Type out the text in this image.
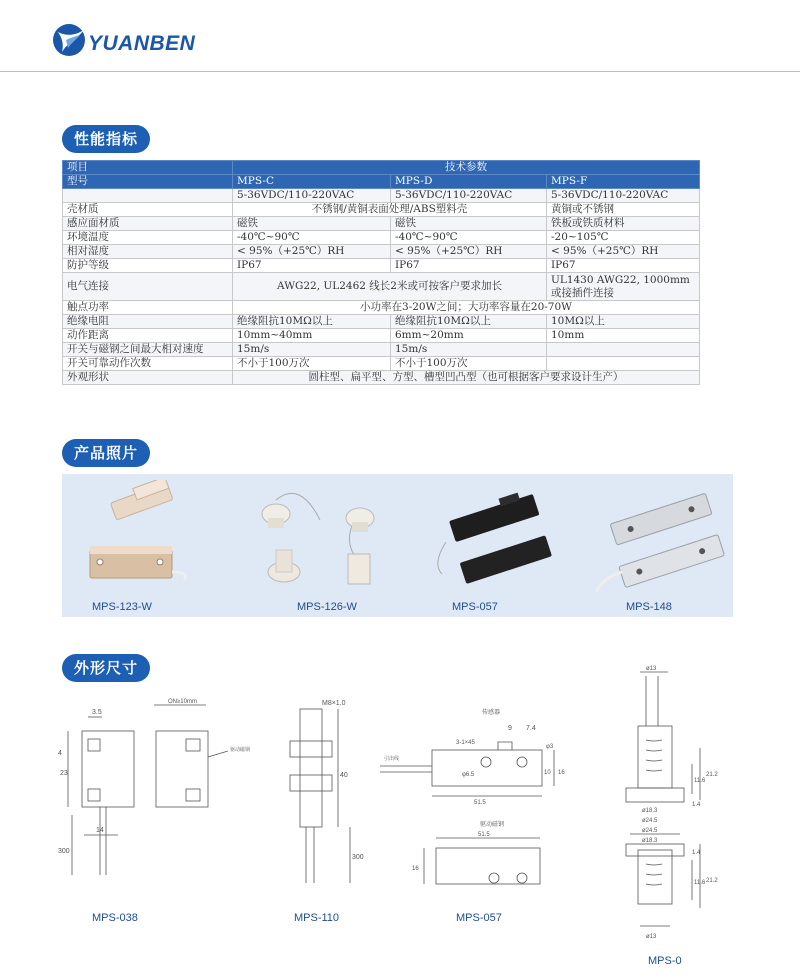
YUANBEN
性能指标
项目	技术参数		
型号	MPS-C	MPS-D	MPS-F
	5-36VDC/110-220VAC	5-36VDC/110-220VAC	5-36VDC/110-220VAC
壳材质	不锈钢/黄铜表面处理/ABS塑料壳		黄铜或不锈钢
感应面材质	磁铁	磁铁	铁板或铁质材料
环境温度	-40℃~90℃	-40℃~90℃	-20~105℃
相对湿度	< 95%（+25℃）RH	< 95%（+25℃）RH	< 95%（+25℃）RH
防护等级	IP67	IP67	IP67
电气连接	AWG22, UL2462 线长2米或可按客户要求加长		UL1430 AWG22, 1000mm 或接插件连接
触点功率	小功率在3-20W之间；大功率容量在20-70W		
绝缘电阻	绝缘阻抗10MΩ以上	绝缘阻抗10MΩ以上	10MΩ以上
动作距离	10mm~40mm	6mm~20mm	10mm
开关与磁钢之间最大相对速度	15m/s	15m/s	
开关可靠动作次数	不小于100万次	不小于100万次	
外观形状	圆柱型、扁平型、方型、槽型凹凸型（也可根据客户要求设计生产）		
产品照片
MPS-123-W	MPS-126-W	MPS-057	MPS-148
外形尺寸
3.5
4
23
14
300
ON≥10mm
驱动磁钢
MPS-038
M8×1.0
40
300
MPS-110
传感器
9 7.4
3-1×45
φ3
φ6.5	10 16
51.5
驱动磁钢
51.5
16
引出线
MPS-057
ø13
21.2
11.6
1.4
ø18.3
ø24.5
ø24.5
ø18.3
11.6
1.4
21.2
ø13
MPS-0
